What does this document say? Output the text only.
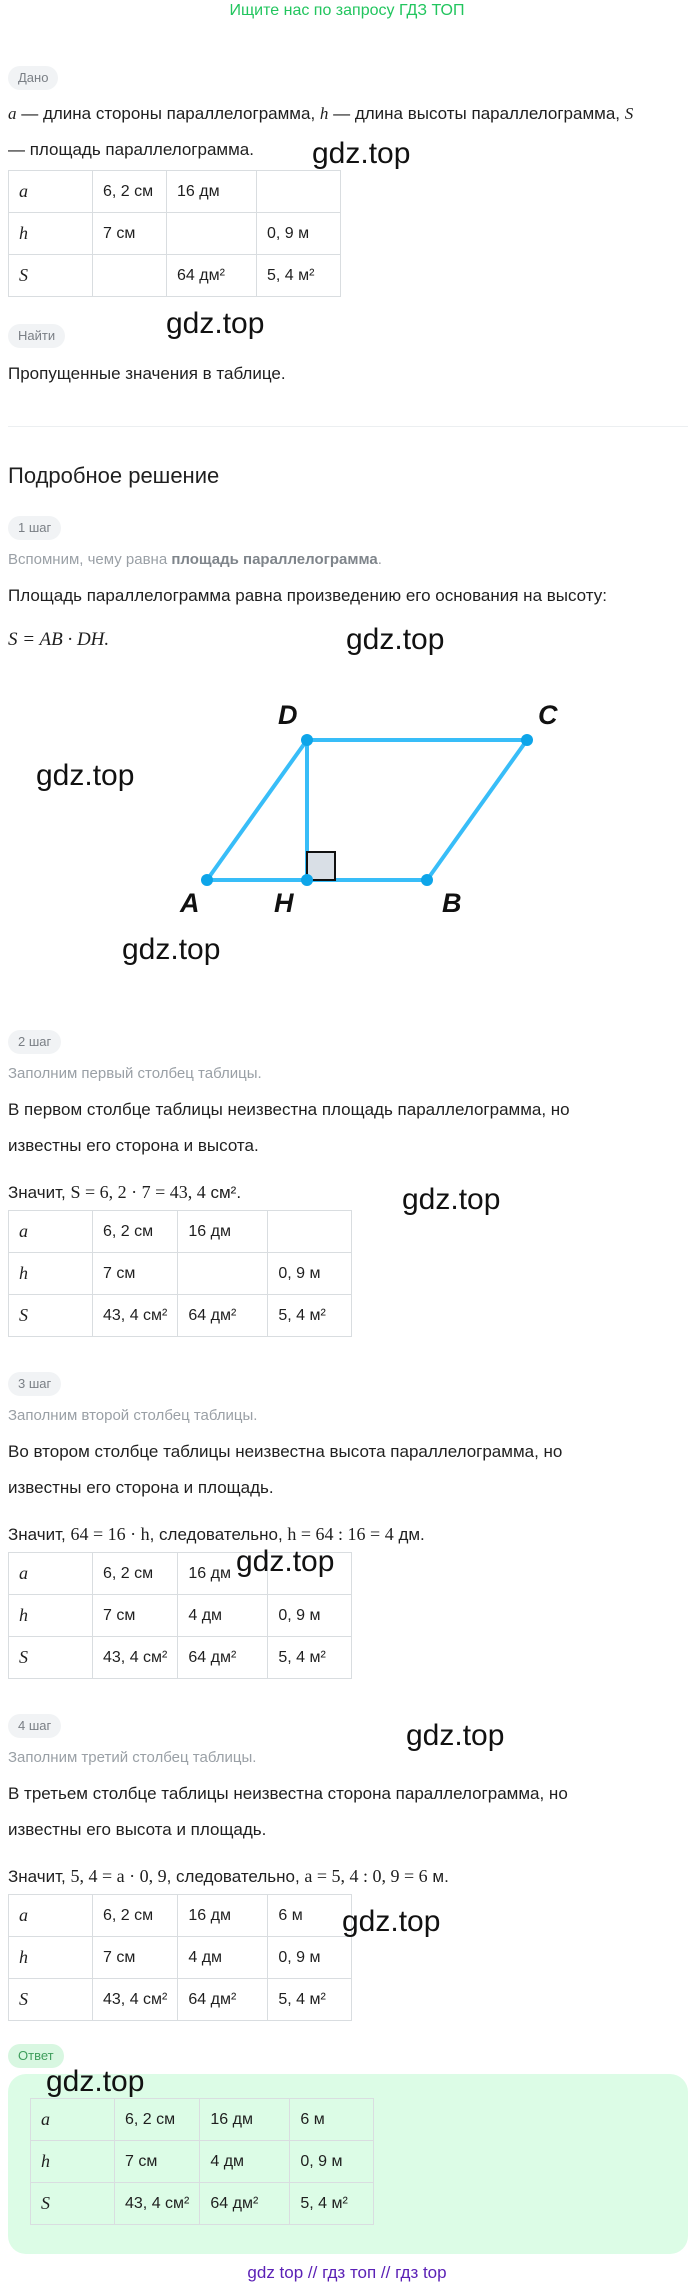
Ищите нас по запросу ГДЗ ТОП
Дано
a — длина стороны параллелограмма, h — длина высоты параллелограмма, S
— площадь параллелограмма. gdz.top
a	6, 2 см	16 дм	
h	7 см		0, 9 м
S		64 дм²	5, 4 м²
gdz.top
Найти
Пропущенные значения в таблице.
Подробное решение
1 шаг
Вспомним, чему равна площадь параллелограмма.
Площадь параллелограмма равна произведению его основания на высоту:
S = AB · DH.	gdz.top
gdz.top
A	H	B
D	C
gdz.top
2 шаг
Заполним первый столбец таблицы.
В первом столбце таблицы неизвестна площадь параллелограмма, но
известны его сторона и высота.
Значит, S = 6, 2 · 7 = 43, 4 см².	gdz.top
a	6, 2 см	16 дм	
h	7 см		0, 9 м
S	43, 4 см²	64 дм²	5, 4 м²
3 шаг
Заполним второй столбец таблицы.
Во втором столбце таблицы неизвестна высота параллелограмма, но
известны его сторона и площадь.
Значит, 64 = 16 · h, следовательно, h = 64 : 16 = 4 дм.
a	6, 2 см	16 дм	
h	7 см	4 дм	0, 9 м
S	43, 4 см²	64 дм²	5, 4 м²
gdz.top
gdz.top
4 шаг
Заполним третий столбец таблицы.
В третьем столбце таблицы неизвестна сторона параллелограмма, но
известны его высота и площадь.
Значит, 5, 4 = a · 0, 9, следовательно, a = 5, 4 : 0, 9 = 6 м.
a	6, 2 см	16 дм	6 м
h	7 см	4 дм	0, 9 м
S	43, 4 см²	64 дм²	5, 4 м²
gdz.top
Ответ
gdz.top
a	6, 2 см	16 дм	6 м
h	7 см	4 дм	0, 9 м
S	43, 4 см²	64 дм²	5, 4 м²
gdz top // гдз топ // гдз top
